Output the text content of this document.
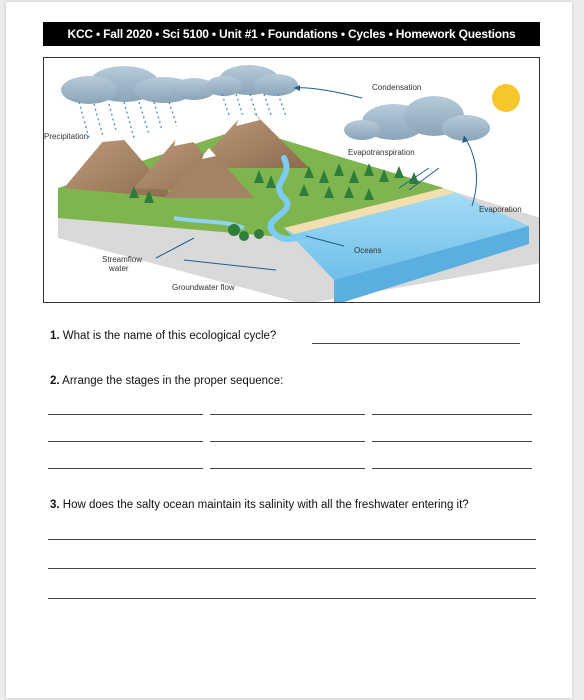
KCC • Fall 2020 • Sci 5100 • Unit #1 • Foundations • Cycles • Homework Questions
Precipitation
Condensation
Evapotranspiration
Evaporation
Oceans
Streamflow
water
Groundwater flow
1. What is the name of this ecological cycle?
2. Arrange the stages in the proper sequence:
3. How does the salty ocean maintain its salinity with all the freshwater entering it?
